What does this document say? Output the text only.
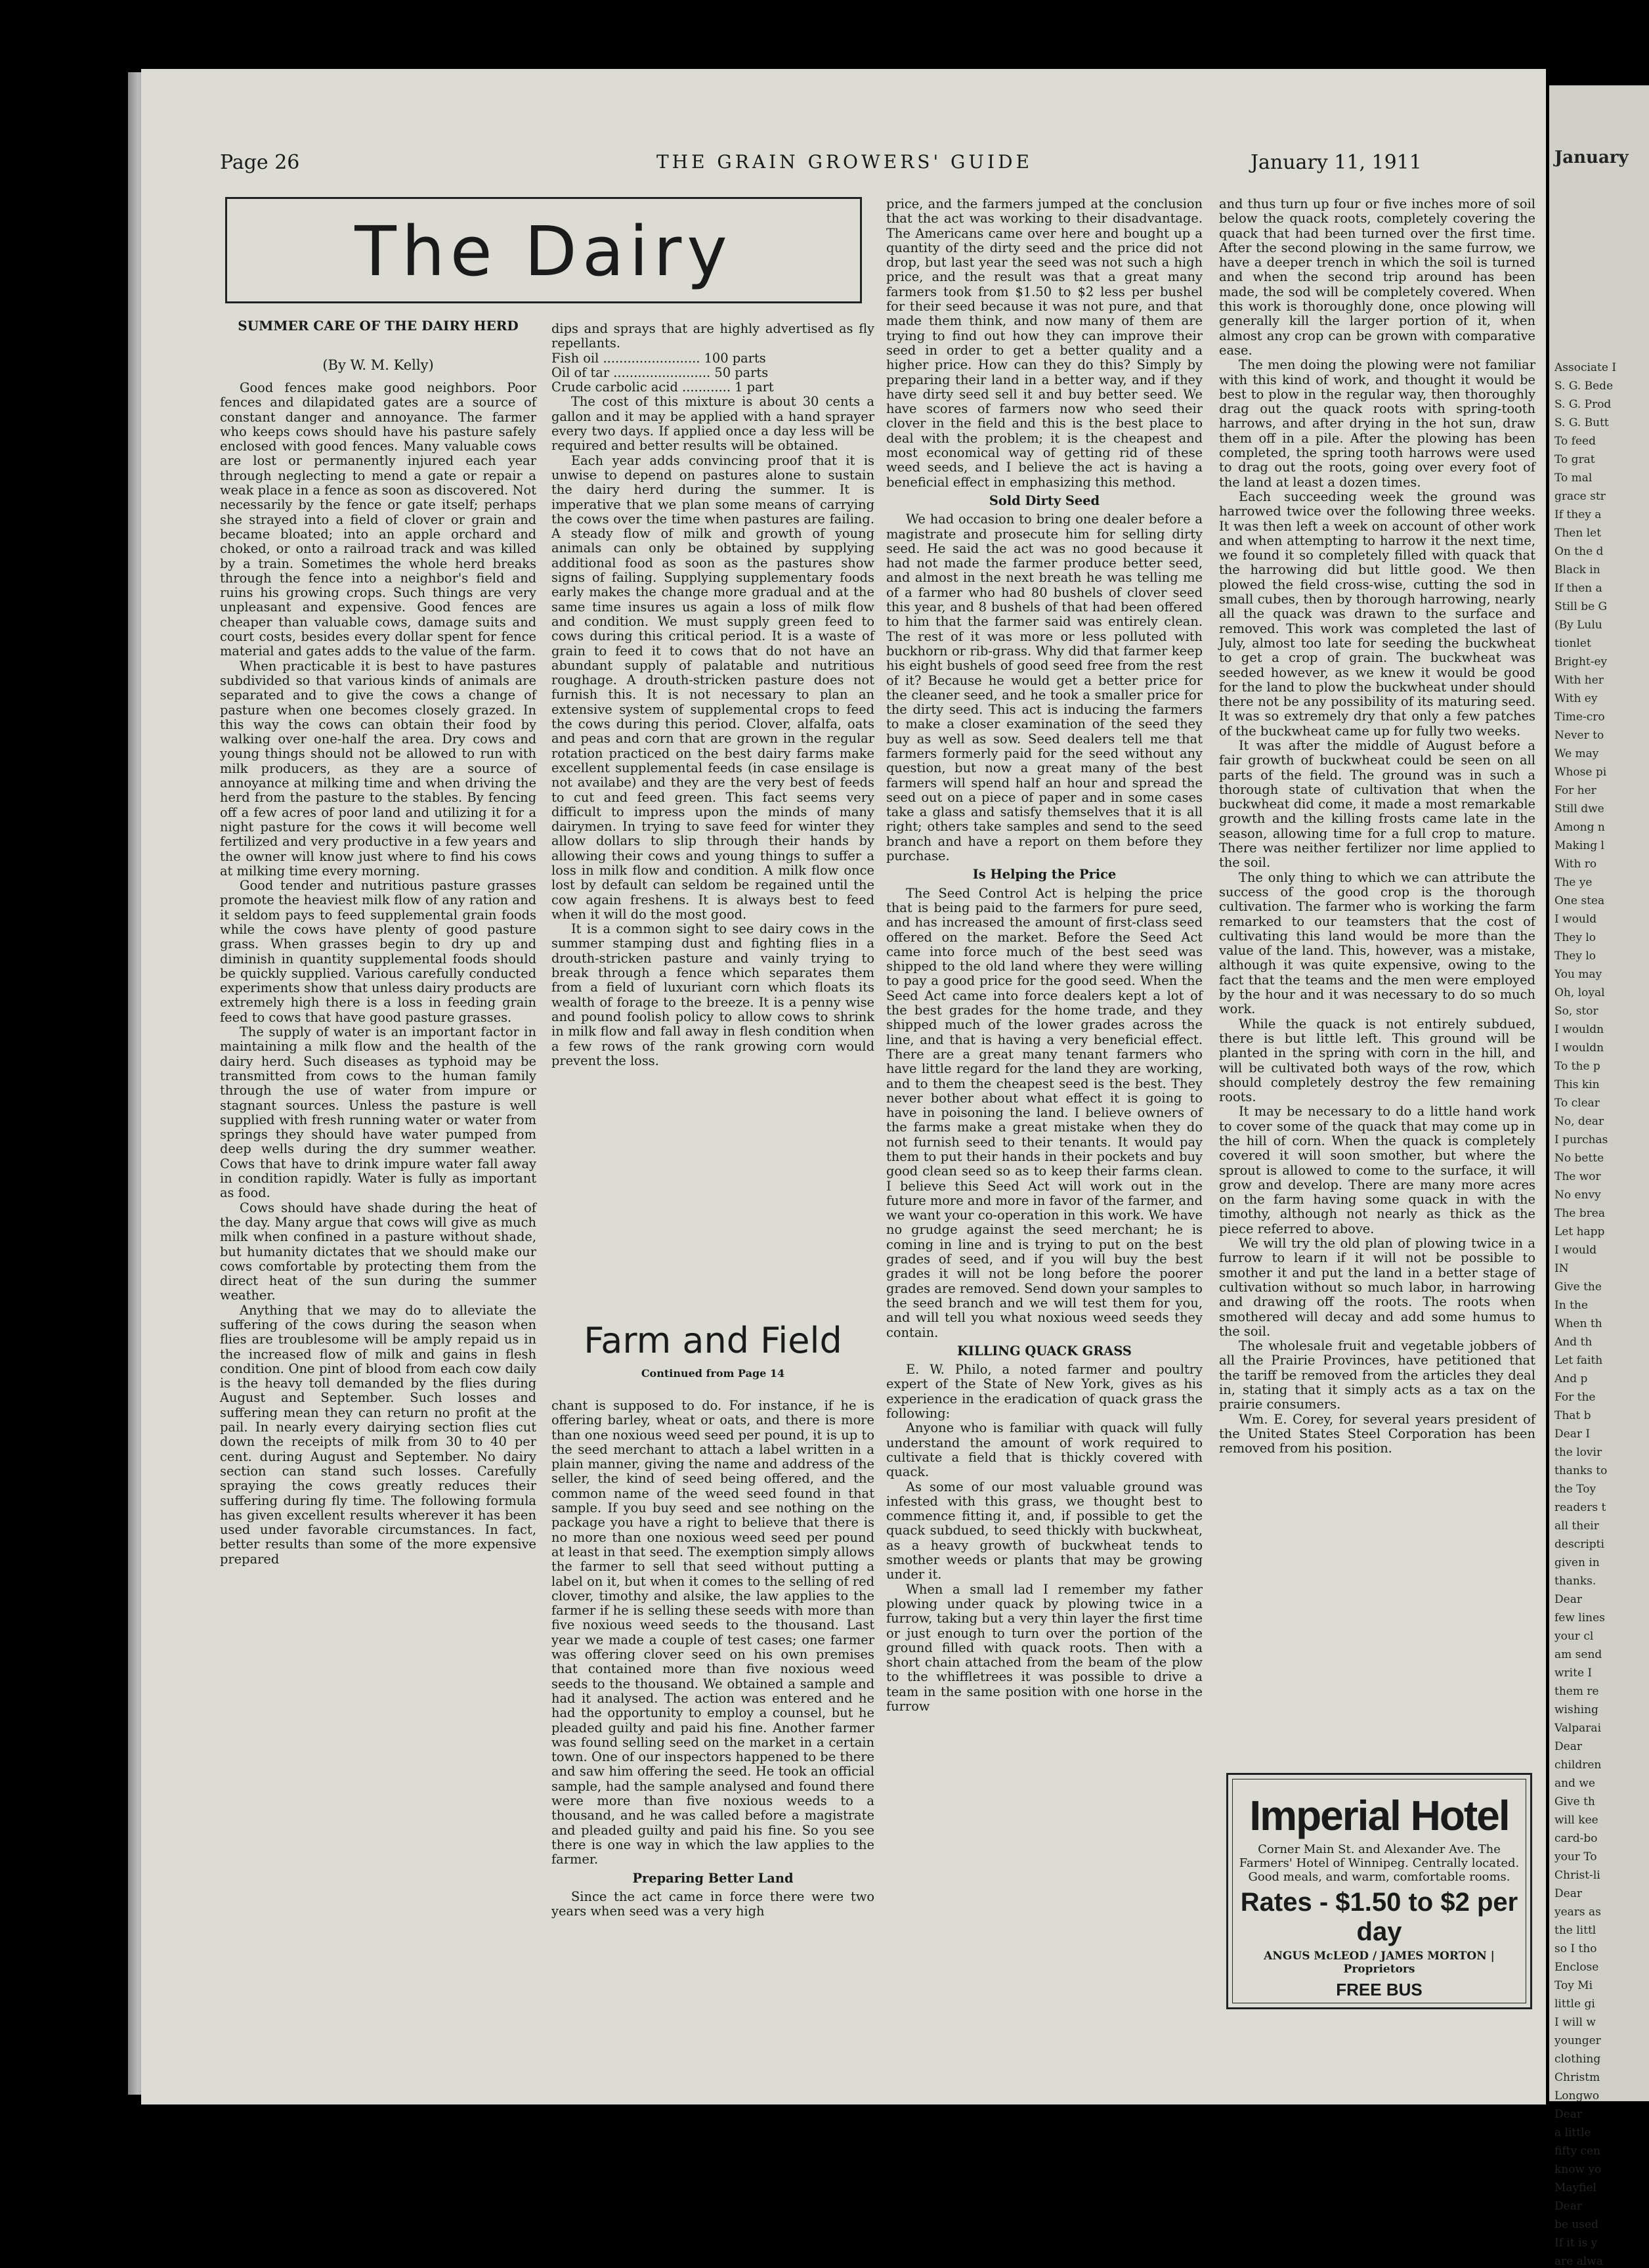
Page 26	THE GRAIN GROWERS' GUIDE	January 11, 1911
The Dairy
SUMMER CARE OF THE DAIRY HERD
(By W. M. Kelly)

Good fences make good neighbors. Poor fences and dilapidated gates are a source of constant danger and annoyance. The farmer who keeps cows should have his pasture safely enclosed with good fences. Many valuable cows are lost or permanently injured each year through neglecting to mend a gate or repair a weak place in a fence as soon as discovered. Not necessarily by the fence or gate itself; perhaps she strayed into a field of clover or grain and became bloated; into an apple orchard and choked, or onto a railroad track and was killed by a train. Sometimes the whole herd breaks through the fence into a neighbor's field and ruins his growing crops. Such things are very unpleasant and expensive. Good fences are cheaper than valuable cows, damage suits and court costs, besides every dollar spent for fence material and gates adds to the value of the farm.

When practicable it is best to have pastures subdivided so that various kinds of animals are separated and to give the cows a change of pasture when one becomes closely grazed. In this way the cows can obtain their food by walking over one-half the area. Dry cows and young things should not be allowed to run with milk producers, as they are a source of annoyance at milking time and when driving the herd from the pasture to the stables. By fencing off a few acres of poor land and utilizing it for a night pasture for the cows it will become well fertilized and very productive in a few years and the owner will know just where to find his cows at milking time every morning.

Good tender and nutritious pasture grasses promote the heaviest milk flow of any ration and it seldom pays to feed supplemental grain foods while the cows have plenty of good pasture grass. When grasses begin to dry up and diminish in quantity supplemental foods should be quickly supplied. Various carefully conducted experiments show that unless dairy products are extremely high there is a loss in feeding grain feed to cows that have good pasture grasses.

The supply of water is an important factor in maintaining a milk flow and the health of the dairy herd. Such diseases as typhoid may be transmitted from cows to the human family through the use of water from impure or stagnant sources. Unless the pasture is well supplied with fresh running water or water from springs they should have water pumped from deep wells during the dry summer weather. Cows that have to drink impure water fall away in condition rapidly. Water is fully as important as food.

Cows should have shade during the heat of the day. Many argue that cows will give as much milk when confined in a pasture without shade, but humanity dictates that we should make our cows comfortable by protecting them from the direct heat of the sun during the summer weather.

Anything that we may do to alleviate the suffering of the cows during the season when flies are troublesome will be amply repaid us in the increased flow of milk and gains in flesh condition. One pint of blood from each cow daily is the heavy toll demanded by the flies during August and September. Such losses and suffering mean they can return no profit at the pail. In nearly every dairying section flies cut down the receipts of milk from 30 to 40 per cent. during August and September. No dairy section can stand such losses. Carefully spraying the cows greatly reduces their suffering during fly time. The following formula has given excellent results wherever it has been used under favorable circumstances. In fact, better results than some of the more expensive prepared

dips and sprays that are highly advertised as fly repellants.

Fish oil ........................ 100 parts

Oil of tar ........................ 50 parts

Crude carbolic acid ............ 1 part

The cost of this mixture is about 30 cents a gallon and it may be applied with a hand sprayer every two days. If applied once a day less will be required and better results will be obtained.

Each year adds convincing proof that it is unwise to depend on pastures alone to sustain the dairy herd during the summer. It is imperative that we plan some means of carrying the cows over the time when pastures are failing. A steady flow of milk and growth of young animals can only be obtained by supplying additional food as soon as the pastures show signs of failing. Supplying supplementary foods early makes the change more gradual and at the same time insures us again a loss of milk flow and condition. We must supply green feed to cows during this critical period. It is a waste of grain to feed it to cows that do not have an abundant supply of palatable and nutritious roughage. A drouth-stricken pasture does not furnish this. It is not necessary to plan an extensive system of supplemental crops to feed the cows during this period. Clover, alfalfa, oats and peas and corn that are grown in the regular rotation practiced on the best dairy farms make excellent supplemental feeds (in case ensilage is not availabe) and they are the very best of feeds to cut and feed green. This fact seems very difficult to impress upon the minds of many dairymen. In trying to save feed for winter they allow dollars to slip through their hands by allowing their cows and young things to suffer a loss in milk flow and condition. A milk flow once lost by default can seldom be regained until the cow again freshens. It is always best to feed when it will do the most good.

It is a common sight to see dairy cows in the summer stamping dust and fighting flies in a drouth-stricken pasture and vainly trying to break through a fence which separates them from a field of luxuriant corn which floats its wealth of forage to the breeze. It is a penny wise and pound foolish policy to allow cows to shrink in milk flow and fall away in flesh condition when a few rows of the rank growing corn would prevent the loss.

Farm and Field
Continued from Page 14

chant is supposed to do. For instance, if he is offering barley, wheat or oats, and there is more than one noxious weed seed per pound, it is up to the seed merchant to attach a label written in a plain manner, giving the name and address of the seller, the kind of seed being offered, and the common name of the weed seed found in that sample. If you buy seed and see nothing on the package you have a right to believe that there is no more than one noxious weed seed per pound at least in that seed. The exemption simply allows the farmer to sell that seed without putting a label on it, but when it comes to the selling of red clover, timothy and alsike, the law applies to the farmer if he is selling these seeds with more than five noxious weed seeds to the thousand. Last year we made a couple of test cases; one farmer was offering clover seed on his own premises that contained more than five noxious weed seeds to the thousand. We obtained a sample and had it analysed. The action was entered and he had the opportunity to employ a counsel, but he pleaded guilty and paid his fine. Another farmer was found selling seed on the market in a certain town. One of our inspectors happened to be there and saw him offering the seed. He took an official sample, had the sample analysed and found there were more than five noxious weeds to a thousand, and he was called before a magistrate and pleaded guilty and paid his fine. So you see there is one way in which the law applies to the farmer.

Preparing Better Land

Since the act came in force there were two years when seed was a very high

price, and the farmers jumped at the conclusion that the act was working to their disadvantage. The Americans came over here and bought up a quantity of the dirty seed and the price did not drop, but last year the seed was not such a high price, and the result was that a great many farmers took from $1.50 to $2 less per bushel for their seed because it was not pure, and that made them think, and now many of them are trying to find out how they can improve their seed in order to get a better quality and a higher price. How can they do this? Simply by preparing their land in a better way, and if they have dirty seed sell it and buy better seed. We have scores of farmers now who seed their clover in the field and this is the best place to deal with the problem; it is the cheapest and most economical way of getting rid of these weed seeds, and I believe the act is having a beneficial effect in emphasizing this method.

Sold Dirty Seed

We had occasion to bring one dealer before a magistrate and prosecute him for selling dirty seed. He said the act was no good because it had not made the farmer produce better seed, and almost in the next breath he was telling me of a farmer who had 80 bushels of clover seed this year, and 8 bushels of that had been offered to him that the farmer said was entirely clean. The rest of it was more or less polluted with buckhorn or rib-grass. Why did that farmer keep his eight bushels of good seed free from the rest of it? Because he would get a better price for the cleaner seed, and he took a smaller price for the dirty seed. This act is inducing the farmers to make a closer examination of the seed they buy as well as sow. Seed dealers tell me that farmers formerly paid for the seed without any question, but now a great many of the best farmers will spend half an hour and spread the seed out on a piece of paper and in some cases take a glass and satisfy themselves that it is all right; others take samples and send to the seed branch and have a report on them before they purchase.

Is Helping the Price

The Seed Control Act is helping the price that is being paid to the farmers for pure seed, and has increased the amount of first-class seed offered on the market. Before the Seed Act came into force much of the best seed was shipped to the old land where they were willing to pay a good price for the good seed. When the Seed Act came into force dealers kept a lot of the best grades for the home trade, and they shipped much of the lower grades across the line, and that is having a very beneficial effect. There are a great many tenant farmers who have little regard for the land they are working, and to them the cheapest seed is the best. They never bother about what effect it is going to have in poisoning the land. I believe owners of the farms make a great mistake when they do not furnish seed to their tenants. It would pay them to put their hands in their pockets and buy good clean seed so as to keep their farms clean. I believe this Seed Act will work out in the future more and more in favor of the farmer, and we want your co-operation in this work. We have no grudge against the seed merchant; he is coming in line and is trying to put on the best grades of seed, and if you will buy the best grades it will not be long before the poorer grades are removed. Send down your samples to the seed branch and we will test them for you, and will tell you what noxious weed seeds they contain.

KILLING QUACK GRASS

E. W. Philo, a noted farmer and poultry expert of the State of New York, gives as his experience in the eradication of quack grass the following:

Anyone who is familiar with quack will fully understand the amount of work required to cultivate a field that is thickly covered with quack.

As some of our most valuable ground was infested with this grass, we thought best to commence fitting it, and, if possible to get the quack subdued, to seed thickly with buckwheat, as a heavy growth of buckwheat tends to smother weeds or plants that may be growing under it.

When a small lad I remember my father plowing under quack by plowing twice in a furrow, taking but a very thin layer the first time or just enough to turn over the portion of the ground filled with quack roots. Then with a short chain attached from the beam of the plow to the whiffletrees it was possible to drive a team in the same position with one horse in the furrow

and thus turn up four or five inches more of soil below the quack roots, completely covering the quack that had been turned over the first time. After the second plowing in the same furrow, we have a deeper trench in which the soil is turned and when the second trip around has been made, the sod will be completely covered. When this work is thoroughly done, once plowing will generally kill the larger portion of it, when almost any crop can be grown with comparative ease.

The men doing the plowing were not familiar with this kind of work, and thought it would be best to plow in the regular way, then thoroughly drag out the quack roots with spring-tooth harrows, and after drying in the hot sun, draw them off in a pile. After the plowing has been completed, the spring tooth harrows were used to drag out the roots, going over every foot of the land at least a dozen times.

Each succeeding week the ground was harrowed twice over the following three weeks. It was then left a week on account of other work and when attempting to harrow it the next time, we found it so completely filled with quack that the harrowing did but little good. We then plowed the field cross-wise, cutting the sod in small cubes, then by thorough harrowing, nearly all the quack was drawn to the surface and removed. This work was completed the last of July, almost too late for seeding the buckwheat to get a crop of grain. The buckwheat was seeded however, as we knew it would be good for the land to plow the buckwheat under should there not be any possibility of its maturing seed. It was so extremely dry that only a few patches of the buckwheat came up for fully two weeks.

It was after the middle of August before a fair growth of buckwheat could be seen on all parts of the field. The ground was in such a thorough state of cultivation that when the buckwheat did come, it made a most remarkable growth and the killing frosts came late in the season, allowing time for a full crop to mature. There was neither fertilizer nor lime applied to the soil.

The only thing to which we can attribute the success of the good crop is the thorough cultivation. The farmer who is working the farm remarked to our teamsters that the cost of cultivating this land would be more than the value of the land. This, however, was a mistake, although it was quite expensive, owing to the fact that the teams and the men were employed by the hour and it was necessary to do so much work.

While the quack is not entirely subdued, there is but little left. This ground will be planted in the spring with corn in the hill, and will be cultivated both ways of the row, which should completely destroy the few remaining roots.

It may be necessary to do a little hand work to cover some of the quack that may come up in the hill of corn. When the quack is completely covered it will soon smother, but where the sprout is allowed to come to the surface, it will grow and develop. There are many more acres on the farm having some quack in with the timothy, although not nearly as thick as the piece referred to above.

We will try the old plan of plowing twice in a furrow to learn if it will not be possible to smother it and put the land in a better stage of cultivation without so much labor, in harrowing and drawing off the roots. The roots when smothered will decay and add some humus to the soil.

The wholesale fruit and vegetable jobbers of all the Prairie Provinces, have petitioned that the tariff be removed from the articles they deal in, stating that it simply acts as a tax on the prairie consumers.

Wm. E. Corey, for several years president of the United States Steel Corporation has been removed from his position.

Imperial Hotel
Corner Main St. and Alexander Ave. The Farmers' Hotel of Winnipeg. Centrally located. Good meals, and warm, comfortable rooms.
Rates - $1.50 to $2 per day
ANGUS McLEOD / JAMES MORTON | Proprietors
FREE BUS
January
Associate I
S. G. Bede
S. G. Prod
S. G. Butt
To feed
To grat
To mal
grace str
If they a
Then let
On the d
Black in
If then a
Still be G
(By Lulu
tionlet
Bright-ey
With her
With ey
Time-cro
Never to
We may
Whose pi
For her
Still dwe
Among n
Making l
With ro
The ye
One stea
I would
They lo
They lo
You may
Oh, loyal
So, stor
I wouldn
I wouldn
To the p
This kin
To clear
No, dear
I purchas
No bette
The wor
No envy
The brea
Let happ
I would
IN
Give the
In the
When th
And th
Let faith
And p
For the
That b
Dear I
the lovir
thanks to
the Toy
readers t
all their
descripti
given in
thanks.
Dear
few lines
your cl
am send
write I
them re
wishing
Valparai
Dear
children
and we
Give th
will kee
card-bo
your To
Christ-li
Dear
years as
the littl
so I tho
Enclose
Toy Mi
little gi
I will w
younger
clothing
Christm
Longwo
Dear
a little
fifty cen
know yo
Mayfiel
Dear
be used
If it is y
are alwa
